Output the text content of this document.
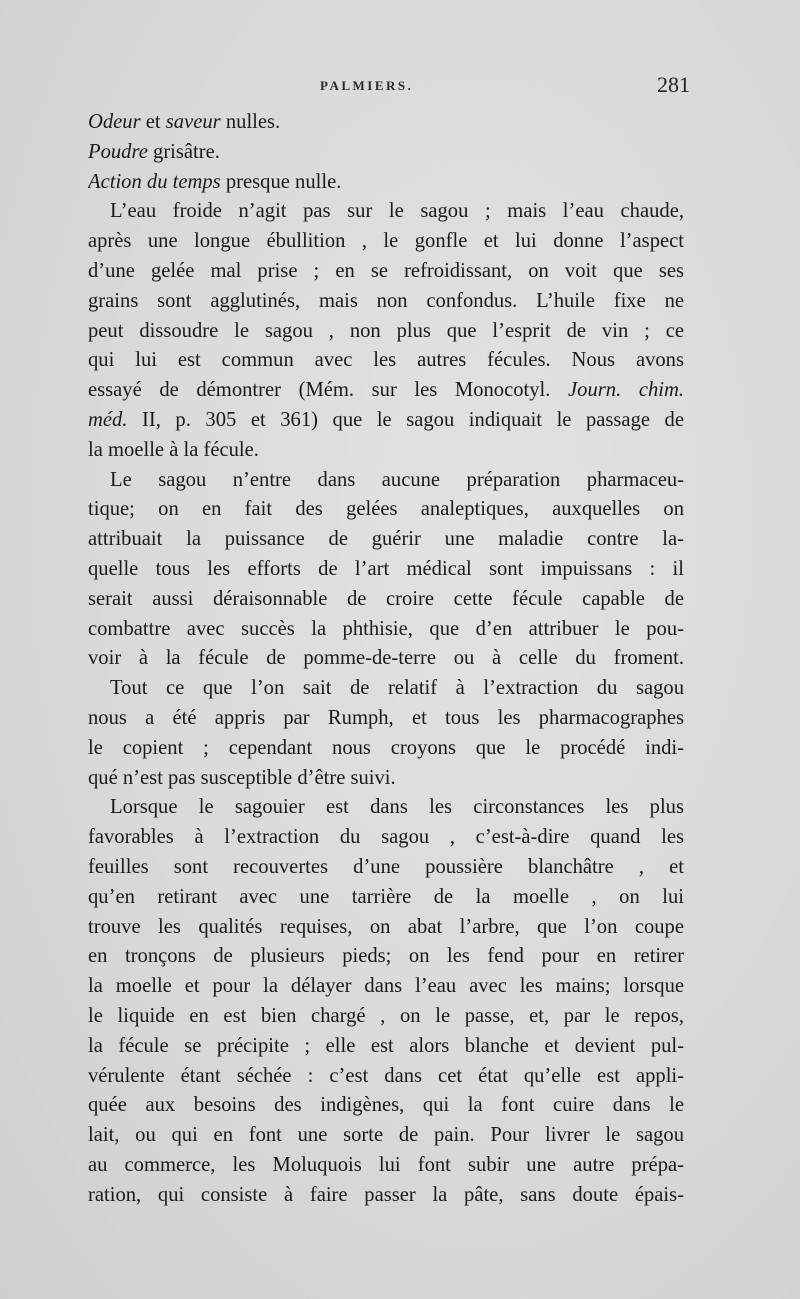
PALMIERS.	281
Odeur et saveur nulles.
Poudre grisâtre.
Action du temps presque nulle.
L’eau froide n’agit pas sur le sagou ; mais l’eau chaude,
après une longue ébullition , le gonfle et lui donne l’aspect
d’une gelée mal prise ; en se refroidissant, on voit que ses
grains sont agglutinés, mais non confondus. L’huile fixe ne
peut dissoudre le sagou , non plus que l’esprit de vin ; ce
qui lui est commun avec les autres fécules. Nous avons
essayé de démontrer (Mém. sur les Monocotyl. Journ. chim.
méd. II, p. 305 et 361) que le sagou indiquait le passage de
la moelle à la fécule.
Le sagou n’entre dans aucune préparation pharmaceu-
tique; on en fait des gelées analeptiques, auxquelles on
attribuait la puissance de guérir une maladie contre la-
quelle tous les efforts de l’art médical sont impuissans : il
serait aussi déraisonnable de croire cette fécule capable de
combattre avec succès la phthisie, que d’en attribuer le pou-
voir à la fécule de pomme-de-terre ou à celle du froment.
Tout ce que l’on sait de relatif à l’extraction du sagou
nous a été appris par Rumph, et tous les pharmacographes
le copient ; cependant nous croyons que le procédé indi-
qué n’est pas susceptible d’être suivi.
Lorsque le sagouier est dans les circonstances les plus
favorables à l’extraction du sagou , c’est-à-dire quand les
feuilles sont recouvertes d’une poussière blanchâtre , et
qu’en retirant avec une tarrière de la moelle , on lui
trouve les qualités requises, on abat l’arbre, que l’on coupe
en tronçons de plusieurs pieds; on les fend pour en retirer
la moelle et pour la délayer dans l’eau avec les mains; lorsque
le liquide en est bien chargé , on le passe, et, par le repos,
la fécule se précipite ; elle est alors blanche et devient pul-
vérulente étant séchée : c’est dans cet état qu’elle est appli-
quée aux besoins des indigènes, qui la font cuire dans le
lait, ou qui en font une sorte de pain. Pour livrer le sagou
au commerce, les Moluquois lui font subir une autre prépa-
ration, qui consiste à faire passer la pâte, sans doute épais-
